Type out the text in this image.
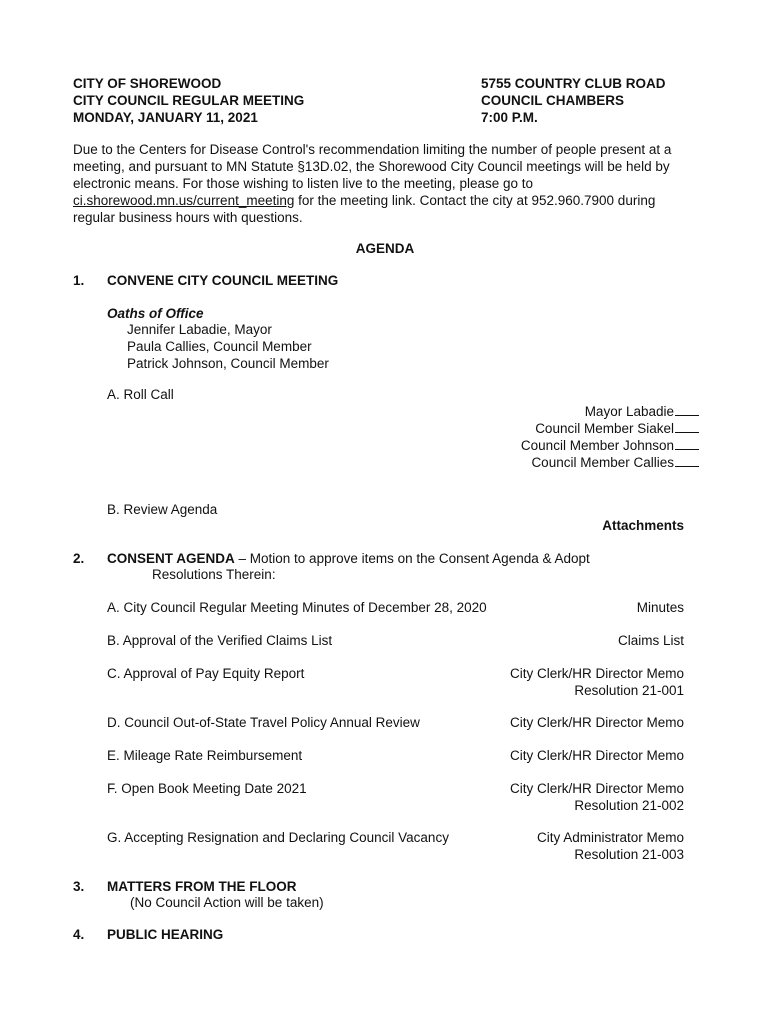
CITY OF SHOREWOOD
CITY COUNCIL REGULAR MEETING
MONDAY, JANUARY 11, 2021
5755 COUNTRY CLUB ROAD
COUNCIL CHAMBERS
7:00 P.M.
Due to the Centers for Disease Control's recommendation limiting the number of people present at a
meeting, and pursuant to MN Statute §13D.02, the Shorewood City Council meetings will be held by
electronic means. For those wishing to listen live to the meeting, please go to
ci.shorewood.mn.us/current_meeting for the meeting link. Contact the city at 952.960.7900 during
regular business hours with questions.
AGENDA
1. CONVENE CITY COUNCIL MEETING
Oaths of Office
Jennifer Labadie, Mayor
Paula Callies, Council Member
Patrick Johnson, Council Member
A. Roll Call
Mayor Labadie
Council Member Siakel
Council Member Johnson
Council Member Callies
B. Review Agenda
Attachments
2. CONSENT AGENDA – Motion to approve items on the Consent Agenda & Adopt
Resolutions Therein:
A. City Council Regular Meeting Minutes of December 28, 2020	Minutes
B. Approval of the Verified Claims List	Claims List
C. Approval of Pay Equity Report	City Clerk/HR Director Memo
Resolution 21-001
D. Council Out-of-State Travel Policy Annual Review	City Clerk/HR Director Memo
E. Mileage Rate Reimbursement	City Clerk/HR Director Memo
F. Open Book Meeting Date 2021	City Clerk/HR Director Memo
Resolution 21-002
G. Accepting Resignation and Declaring Council Vacancy	City Administrator Memo
Resolution 21-003
3. MATTERS FROM THE FLOOR
(No Council Action will be taken)
4. PUBLIC HEARING
